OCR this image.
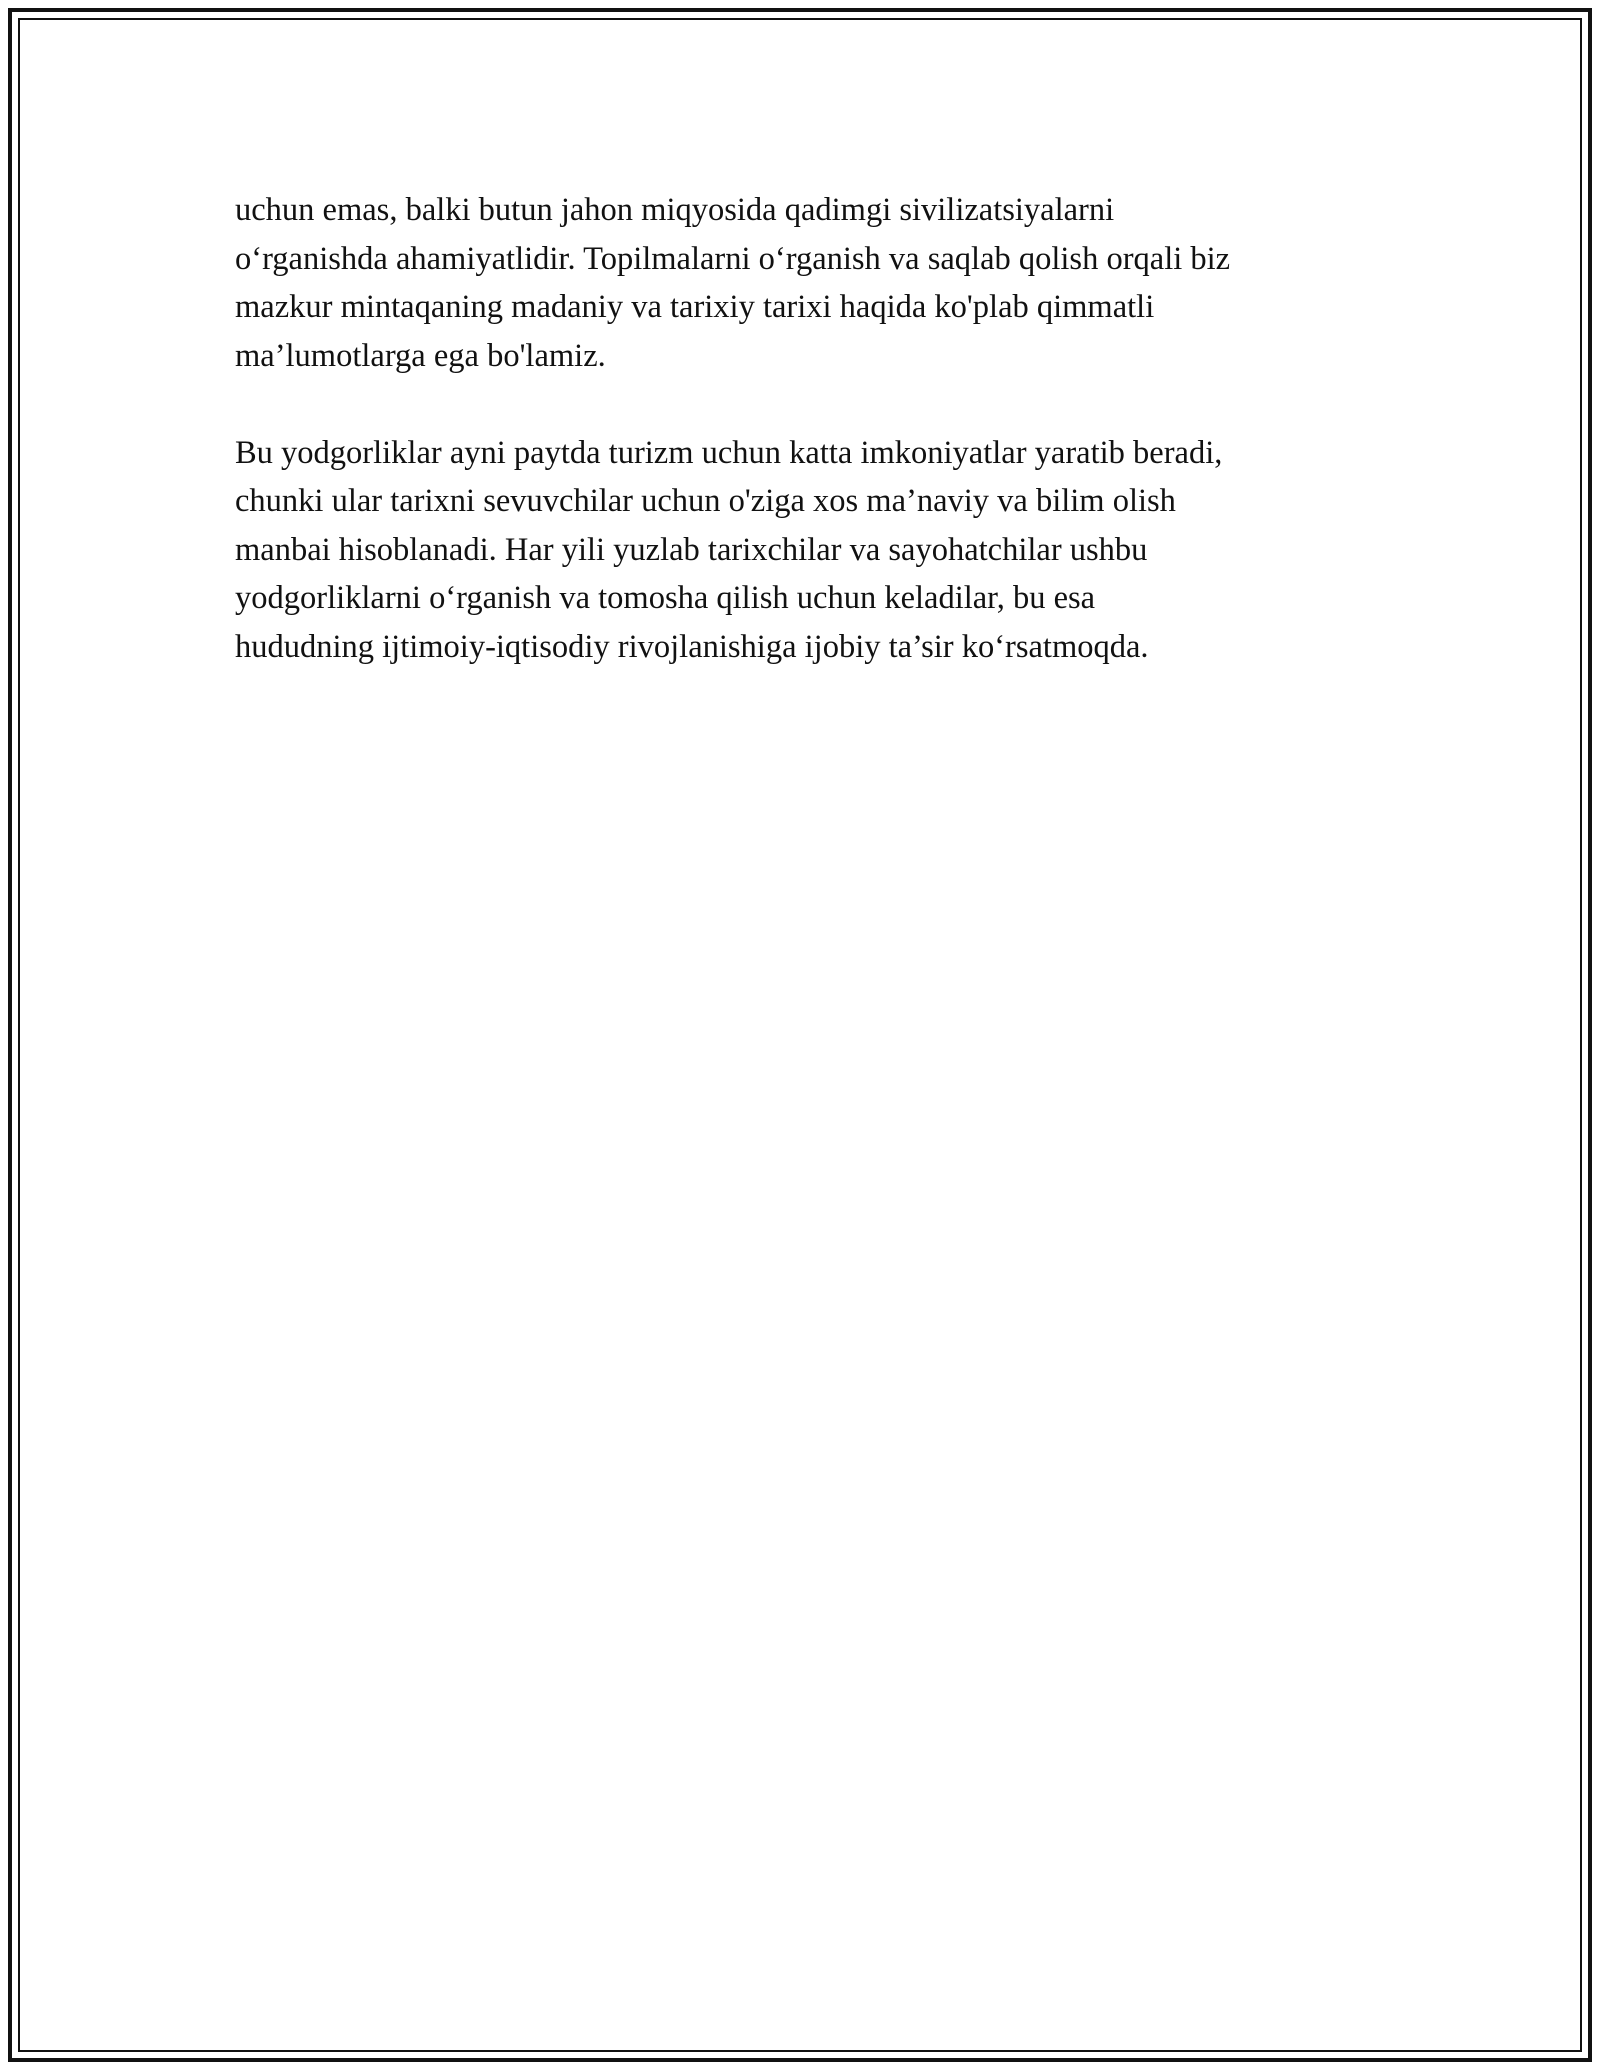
uchun emas, balki butun jahon miqyosida qadimgi sivilizatsiyalarni
o‘rganishda ahamiyatlidir. Topilmalarni o‘rganish va saqlab qolish orqali biz
mazkur mintaqaning madaniy va tarixiy tarixi haqida ko'plab qimmatli
ma’lumotlarga ega bo'lamiz.

Bu yodgorliklar ayni paytda turizm uchun katta imkoniyatlar yaratib beradi,
chunki ular tarixni sevuvchilar uchun o'ziga xos ma’naviy va bilim olish
manbai hisoblanadi. Har yili yuzlab tarixchilar va sayohatchilar ushbu
yodgorliklarni o‘rganish va tomosha qilish uchun keladilar, bu esa
hududning ijtimoiy-iqtisodiy rivojlanishiga ijobiy ta’sir ko‘rsatmoqda.
